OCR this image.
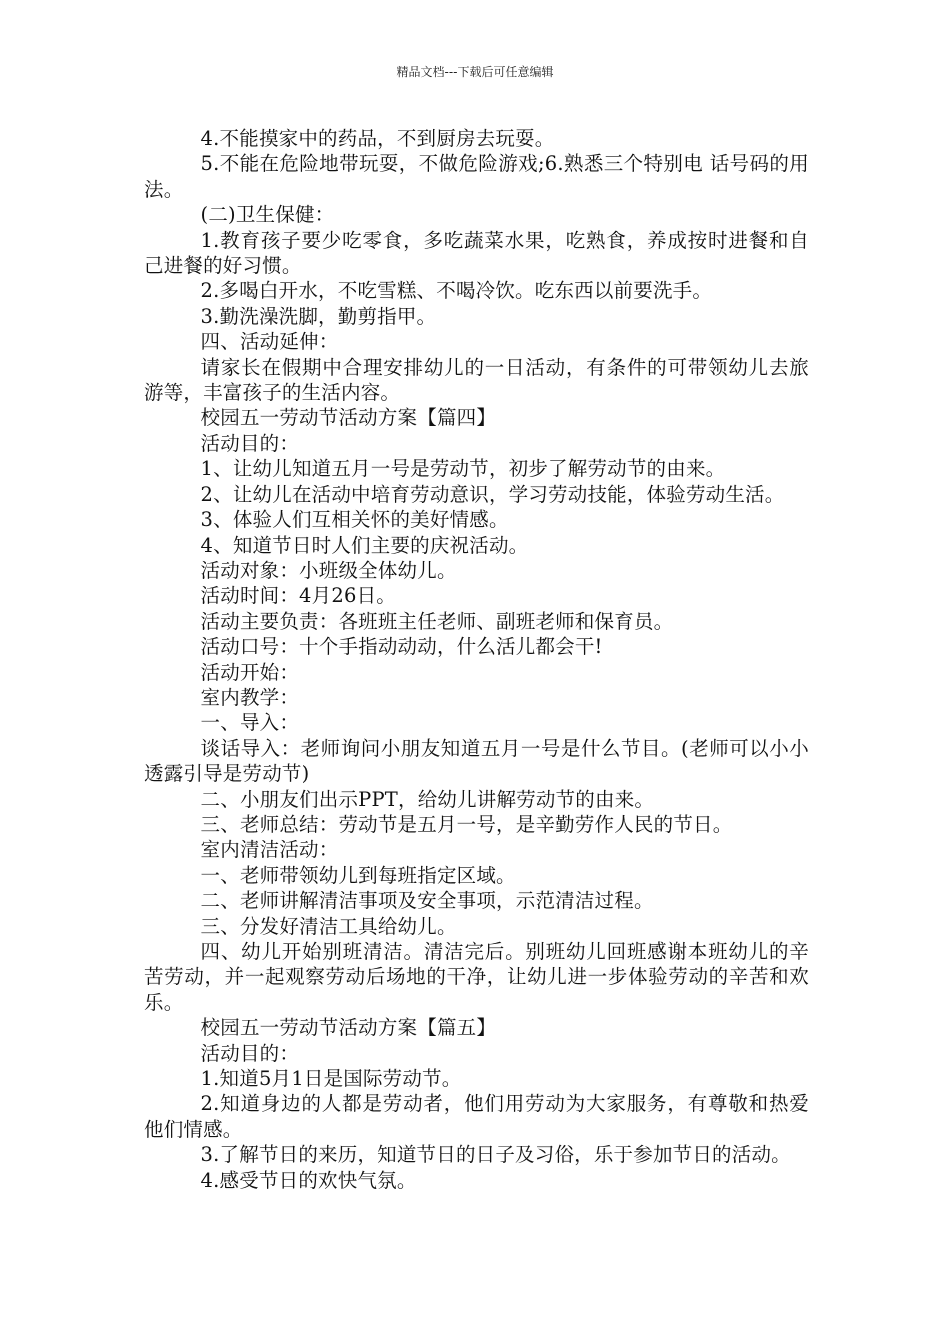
精品文档---下载后可任意编辑

4.不能摸家中的药品，不到厨房去玩耍。

5.不能在危险地带玩耍，不做危险游戏;6.熟悉三个特别电 话号码的用法。

(二)卫生保健：

1.教育孩子要少吃零食，多吃蔬菜水果，吃熟食，养成按时进餐和自己进餐的好习惯。

2.多喝白开水，不吃雪糕、不喝冷饮。吃东西以前要洗手。

3.勤洗澡洗脚，勤剪指甲。

四、活动延伸：

请家长在假期中合理安排幼儿的一日活动，有条件的可带领幼儿去旅游等，丰富孩子的生活内容。

校园五一劳动节活动方案【篇四】

活动目的：

1、让幼儿知道五月一号是劳动节，初步了解劳动节的由来。

2、让幼儿在活动中培育劳动意识，学习劳动技能，体验劳动生活。

3、体验人们互相关怀的美好情感。

4、知道节日时人们主要的庆祝活动。

活动对象：小班级全体幼儿。

活动时间：4月26日。

活动主要负责：各班班主任老师、副班老师和保育员。

活动口号：十个手指动动动，什么活儿都会干!

活动开始：

室内教学：

一、导入：

谈话导入：老师询问小朋友知道五月一号是什么节目。(老师可以小小透露引导是劳动节)

二、小朋友们出示PPT，给幼儿讲解劳动节的由来。

三、老师总结：劳动节是五月一号，是辛勤劳作人民的节日。

室内清洁活动：

一、老师带领幼儿到每班指定区域。

二、老师讲解清洁事项及安全事项，示范清洁过程。

三、分发好清洁工具给幼儿。

四、幼儿开始别班清洁。清洁完后。别班幼儿回班感谢本班幼儿的辛苦劳动，并一起观察劳动后场地的干净，让幼儿进一步体验劳动的辛苦和欢乐。

校园五一劳动节活动方案【篇五】

活动目的：

1.知道5月1日是国际劳动节。

2.知道身边的人都是劳动者，他们用劳动为大家服务，有尊敬和热爱他们情感。

3.了解节日的来历，知道节日的日子及习俗，乐于参加节日的活动。

4.感受节日的欢快气氛。
